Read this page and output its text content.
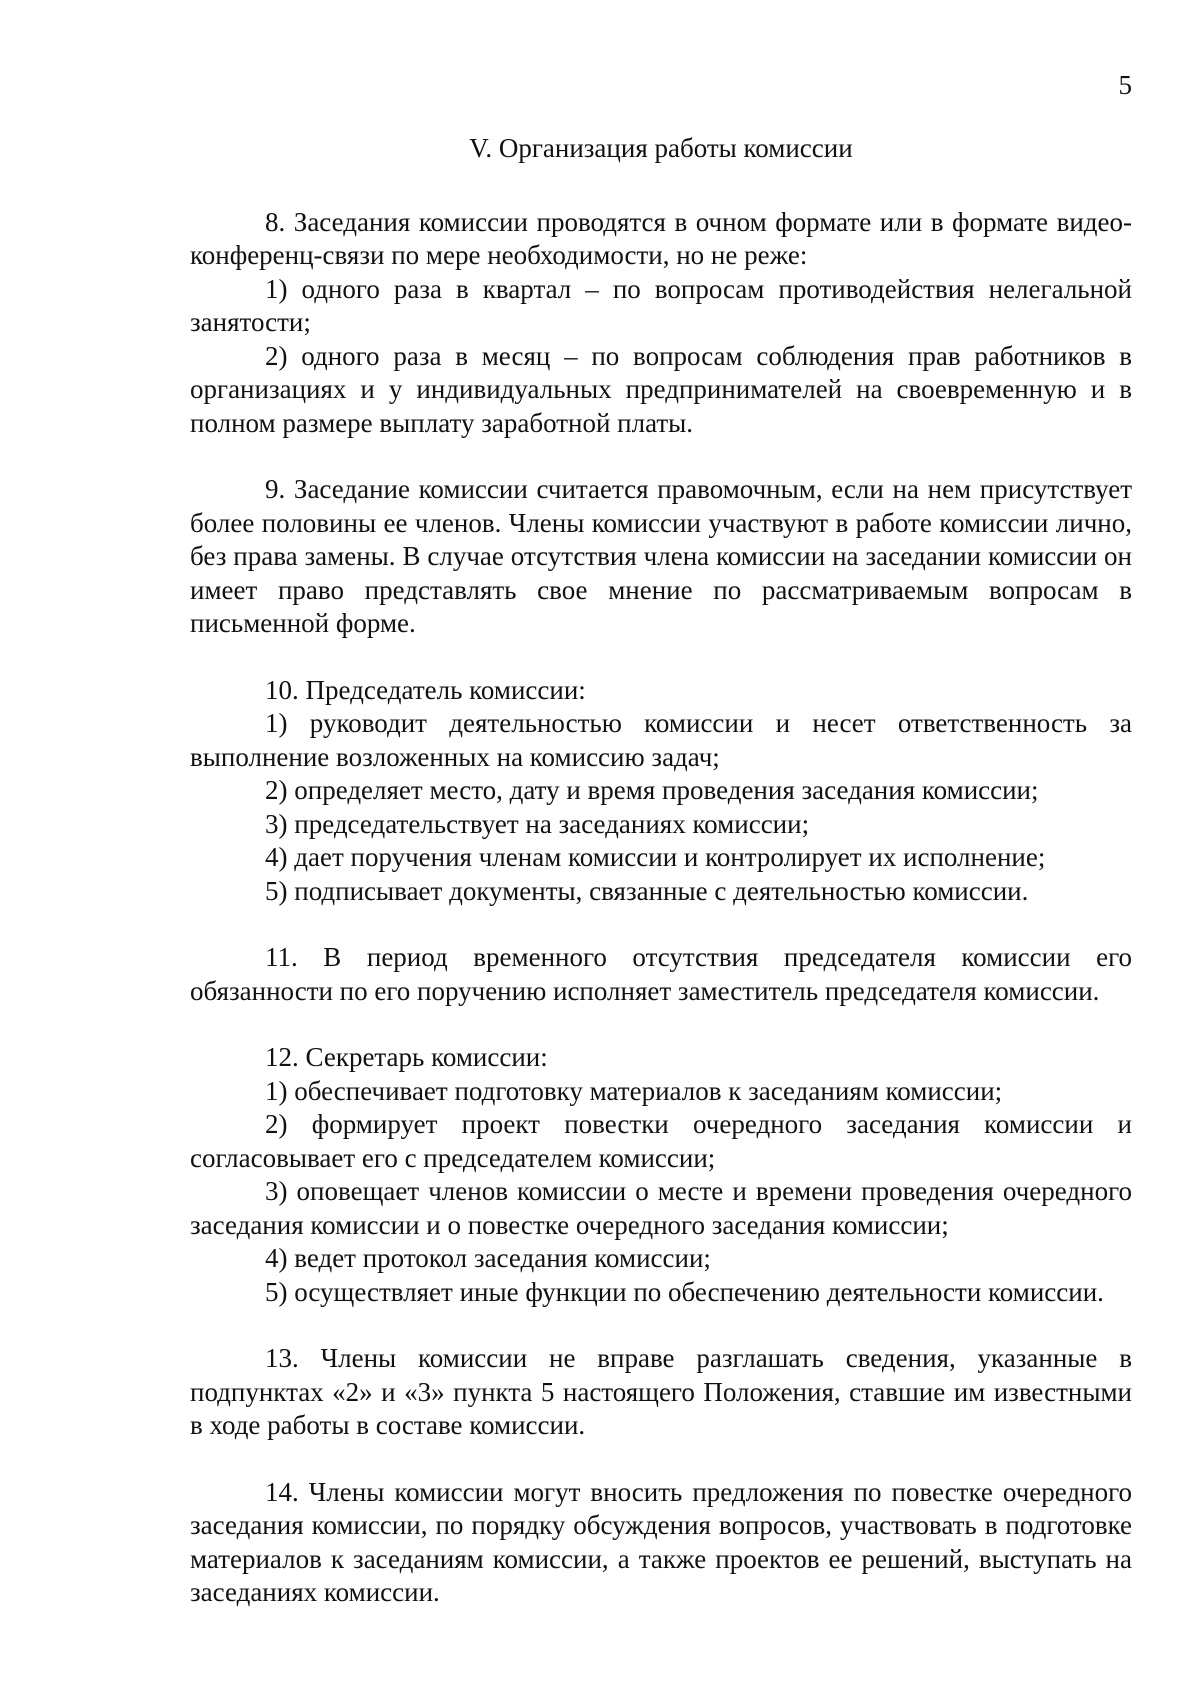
5
V. Организация работы комиссии

8. Заседания комиссии проводятся в очном формате или в формате видео-конференц-связи по мере необходимости, но не реже:

1) одного раза в квартал – по вопросам противодействия нелегальной занятости;

2) одного раза в месяц – по вопросам соблюдения прав работников в организациях и у индивидуальных предпринимателей на своевременную и в полном размере выплату заработной платы.

9. Заседание комиссии считается правомочным, если на нем присутствует более половины ее членов. Члены комиссии участвуют в работе комиссии лично, без права замены. В случае отсутствия члена комиссии на заседании комиссии он имеет право представлять свое мнение по рассматриваемым вопросам в письменной форме.

10. Председатель комиссии:

1) руководит деятельностью комиссии и несет ответственность за выполнение возложенных на комиссию задач;

2) определяет место, дату и время проведения заседания комиссии;

3) председательствует на заседаниях комиссии;

4) дает поручения членам комиссии и контролирует их исполнение;

5) подписывает документы, связанные с деятельностью комиссии.

11. В период временного отсутствия председателя комиссии его обязанности по его поручению исполняет заместитель председателя комиссии.

12. Секретарь комиссии:

1) обеспечивает подготовку материалов к заседаниям комиссии;

2) формирует проект повестки очередного заседания комиссии и согласовывает его с председателем комиссии;

3) оповещает членов комиссии о месте и времени проведения очередного заседания комиссии и о повестке очередного заседания комиссии;

4) ведет протокол заседания комиссии;

5) осуществляет иные функции по обеспечению деятельности комиссии.

13. Члены комиссии не вправе разглашать сведения, указанные в подпунктах «2» и «3» пункта 5 настоящего Положения, ставшие им известными в ходе работы в составе комиссии.

14. Члены комиссии могут вносить предложения по повестке очередного заседания комиссии, по порядку обсуждения вопросов, участвовать в подготовке материалов к заседаниям комиссии, а также проектов ее решений, выступать на заседаниях комиссии.
